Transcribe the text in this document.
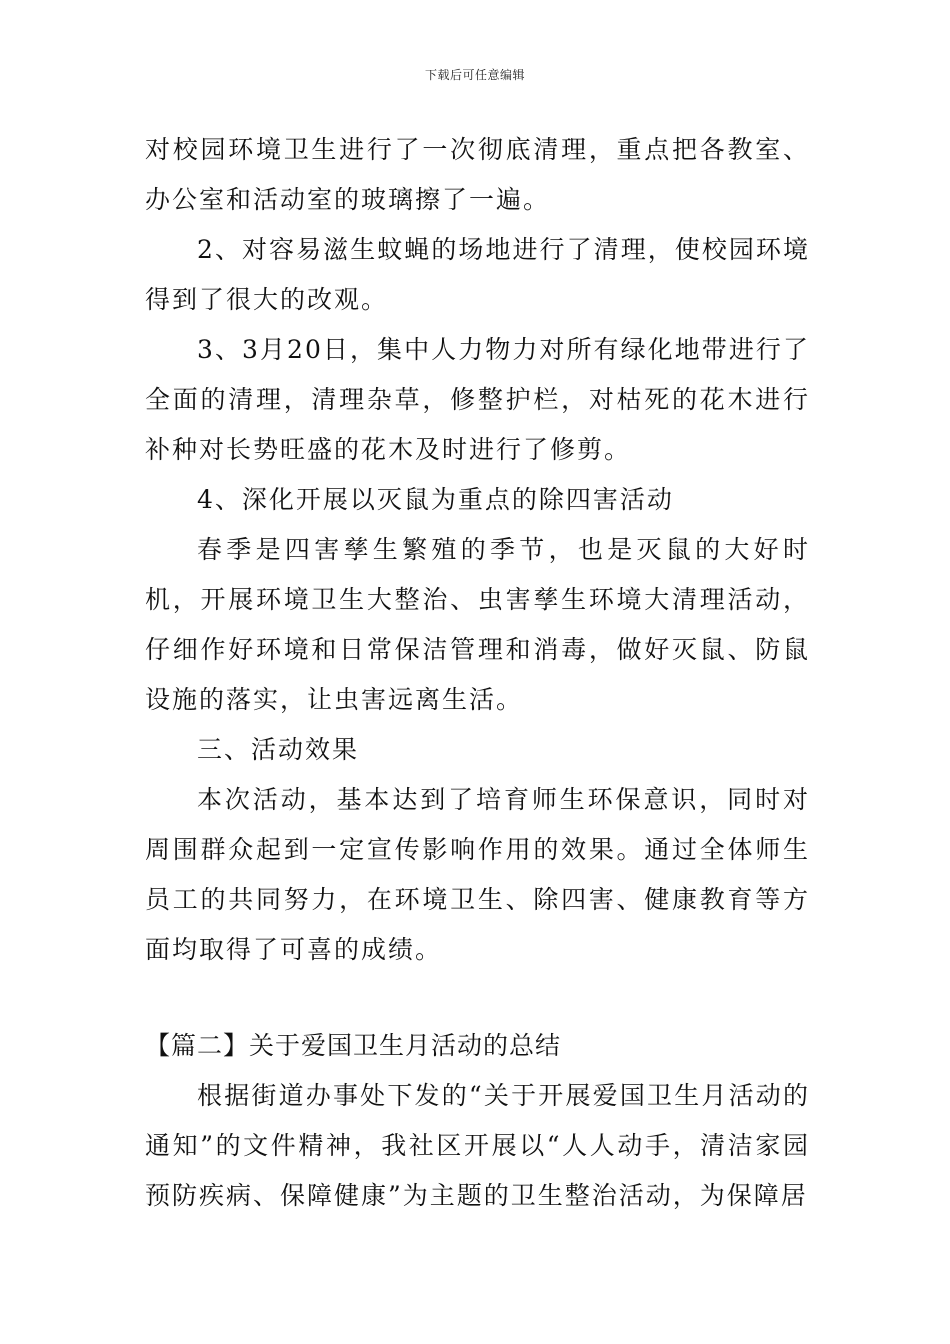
下载后可任意编辑

对校园环境卫生进行了一次彻底清理，重点把各教室、办公室和活动室的玻璃擦了一遍。

2、对容易滋生蚊蝇的场地进行了清理，使校园环境得到了很大的改观。

3、3月20日，集中人力物力对所有绿化地带进行了全面的清理，清理杂草，修整护栏，对枯死的花木进行补种对长势旺盛的花木及时进行了修剪。

4、深化开展以灭鼠为重点的除四害活动

春季是四害孳生繁殖的季节，也是灭鼠的大好时机，开展环境卫生大整治、虫害孳生环境大清理活动，仔细作好环境和日常保洁管理和消毒，做好灭鼠、防鼠设施的落实，让虫害远离生活。

三、活动效果

本次活动，基本达到了培育师生环保意识，同时对周围群众起到一定宣传影响作用的效果。通过全体师生员工的共同努力，在环境卫生、除四害、健康教育等方面均取得了可喜的成绩。

【篇二】关于爱国卫生月活动的总结

根据街道办事处下发的“关于开展爱国卫生月活动的通知”的文件精神，我社区开展以“人人动手，清洁家园预防疾病、保障健康”为主题的卫生整治活动，为保障居
